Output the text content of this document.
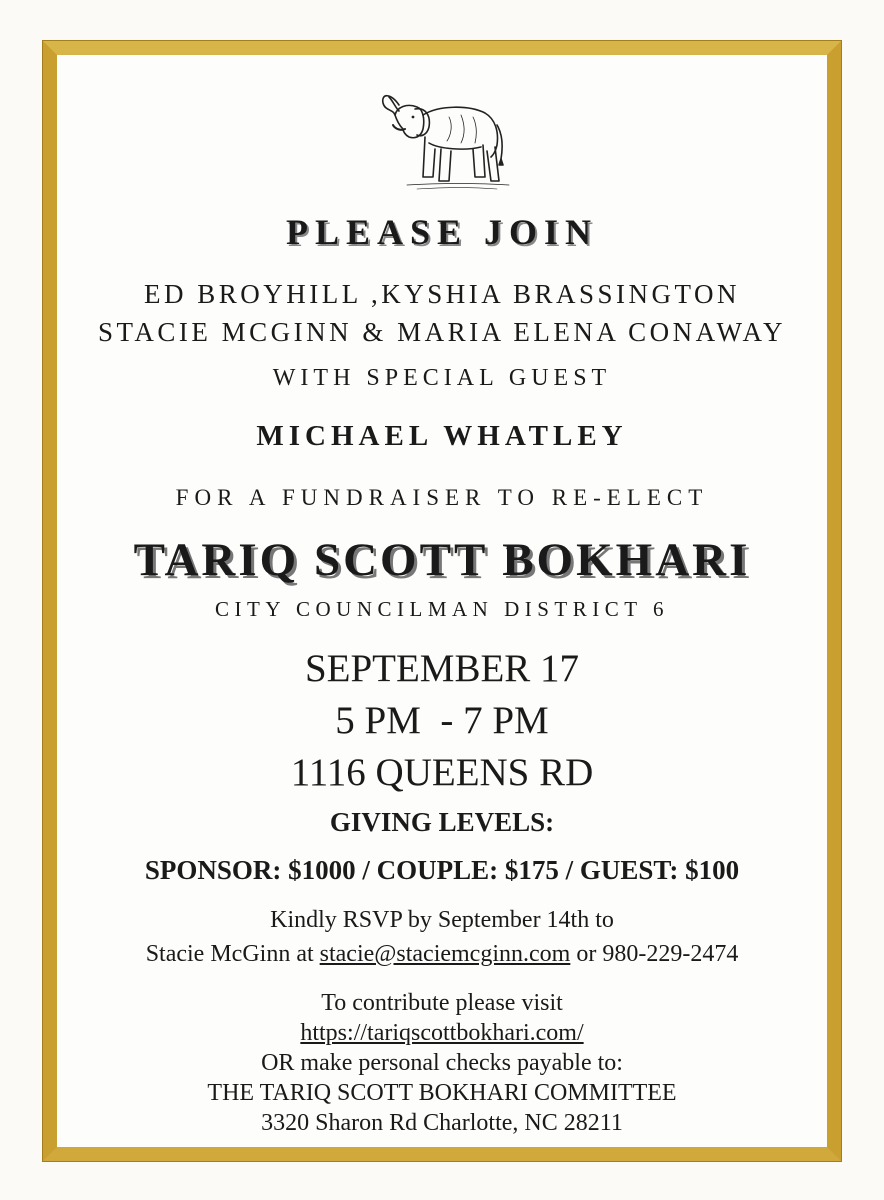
PLEASE JOIN
ED BROYHILL ,KYSHIA BRASSINGTON
STACIE MCGINN & MARIA ELENA CONAWAY
WITH SPECIAL GUEST
MICHAEL WHATLEY
FOR A FUNDRAISER TO RE-ELECT
TARIQ SCOTT BOKHARI
CITY COUNCILMAN DISTRICT 6
SEPTEMBER 17
5 PM  - 7 PM
1116 QUEENS RD
GIVING LEVELS:
SPONSOR: $1000 / COUPLE: $175 / GUEST: $100
Kindly RSVP by September 14th to
Stacie McGinn at stacie@staciemcginn.com or 980-229-2474
To contribute please visit
https://tariqscottbokhari.com/
OR make personal checks payable to:
THE TARIQ SCOTT BOKHARI COMMITTEE
3320 Sharon Rd Charlotte, NC 28211
